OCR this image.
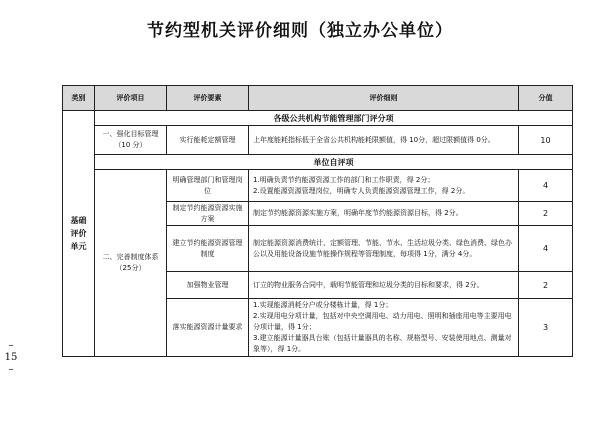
节约型机关评价细则（独立办公单位）
– 15 –
类别	评价项目	评价要素	评价细则	分值
基础评价单元	各级公共机构节能管理部门评分项			
	一、强化目标管理（10 分）	实行能耗定额管理	上年度能耗指标低于全省公共机构能耗限额值，得 10分，超过限额值得 0分。	10
	单位自评项			
	二、完善制度体系（25分）	明确管理部门和管理岗位	1.明确负责节约能源资源工作的部门和工作职责，得 2分；
2.设置能源资源管理岗位，明确专人负责能源资源管理工作，得 2分。	4
		制定节约能源资源实施方案	制定节约能源资源实施方案，明确年度节约能源资源目标，得 2分。	2
		建立节约能源资源管理制度	制定能源资源消费统计、定额管理、节能、节水、生活垃圾分类、绿色消费、绿色办公以及用能设备设施节能操作规程等管理制度，每项得 1分，满分 4分。	4
		加强物业管理	订立的物业服务合同中，载明节能管理和垃圾分类的目标和要求，得 2分。	2
		落实能源资源计量要求	1.实现能源消耗分户或分楼栋计量，得 1分；
2.实现用电分项计量，包括对中央空调用电、动力用电、照明和插座用电等主要用电分项计量，得 1分；
3.建立能源计量器具台账（包括计量器具的名称、规格型号、安装使用地点、测量对象等），得 1分。	3
